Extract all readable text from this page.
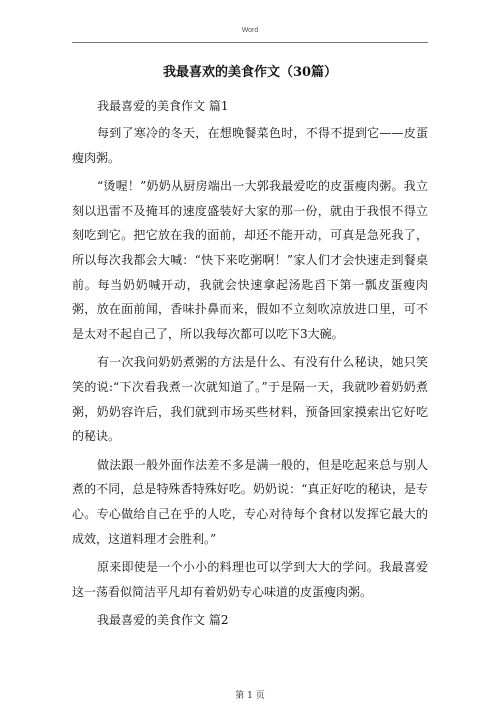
Word
我最喜欢的美食作文（30篇）
我最喜爱的美食作文 篇1

每到了寒冷的冬天，在想晚餐菜色时，不得不提到它——皮蛋瘦肉粥。

“烫喔！”奶奶从厨房端出一大郭我最爱吃的皮蛋瘦肉粥。我立刻以迅雷不及掩耳的速度盛装好大家的那一份，就由于我恨不得立刻吃到它。把它放在我的面前，却还不能开动，可真是急死我了，所以每次我都会大喊：“快下来吃粥啊！”家人们才会快速走到餐桌前。每当奶奶喊开动，我就会快速拿起汤匙舀下第一瓢皮蛋瘦肉粥，放在面前闻，香味扑鼻而来，假如不立刻吹凉放进口里，可不是太对不起自己了，所以我每次都可以吃下3大碗。

有一次我问奶奶煮粥的方法是什么、有没有什么秘诀，她只笑笑的说:“下次看我煮一次就知道了。”于是隔一天，我就吵着奶奶煮粥，奶奶容许后，我们就到市场买些材料，预备回家摸索出它好吃的秘诀。

做法跟一般外面作法差不多是满一般的，但是吃起来总与别人煮的不同，总是特殊香特殊好吃。奶奶说：“真正好吃的秘诀，是专心。专心做给自己在乎的人吃，专心对待每个食材以发挥它最大的成效，这道料理才会胜利。”

原来即使是一个小小的料理也可以学到大大的学问。我最喜爱这一荡看似简洁平凡却有着奶奶专心味道的皮蛋瘦肉粥。

我最喜爱的美食作文 篇2
第 1 页
